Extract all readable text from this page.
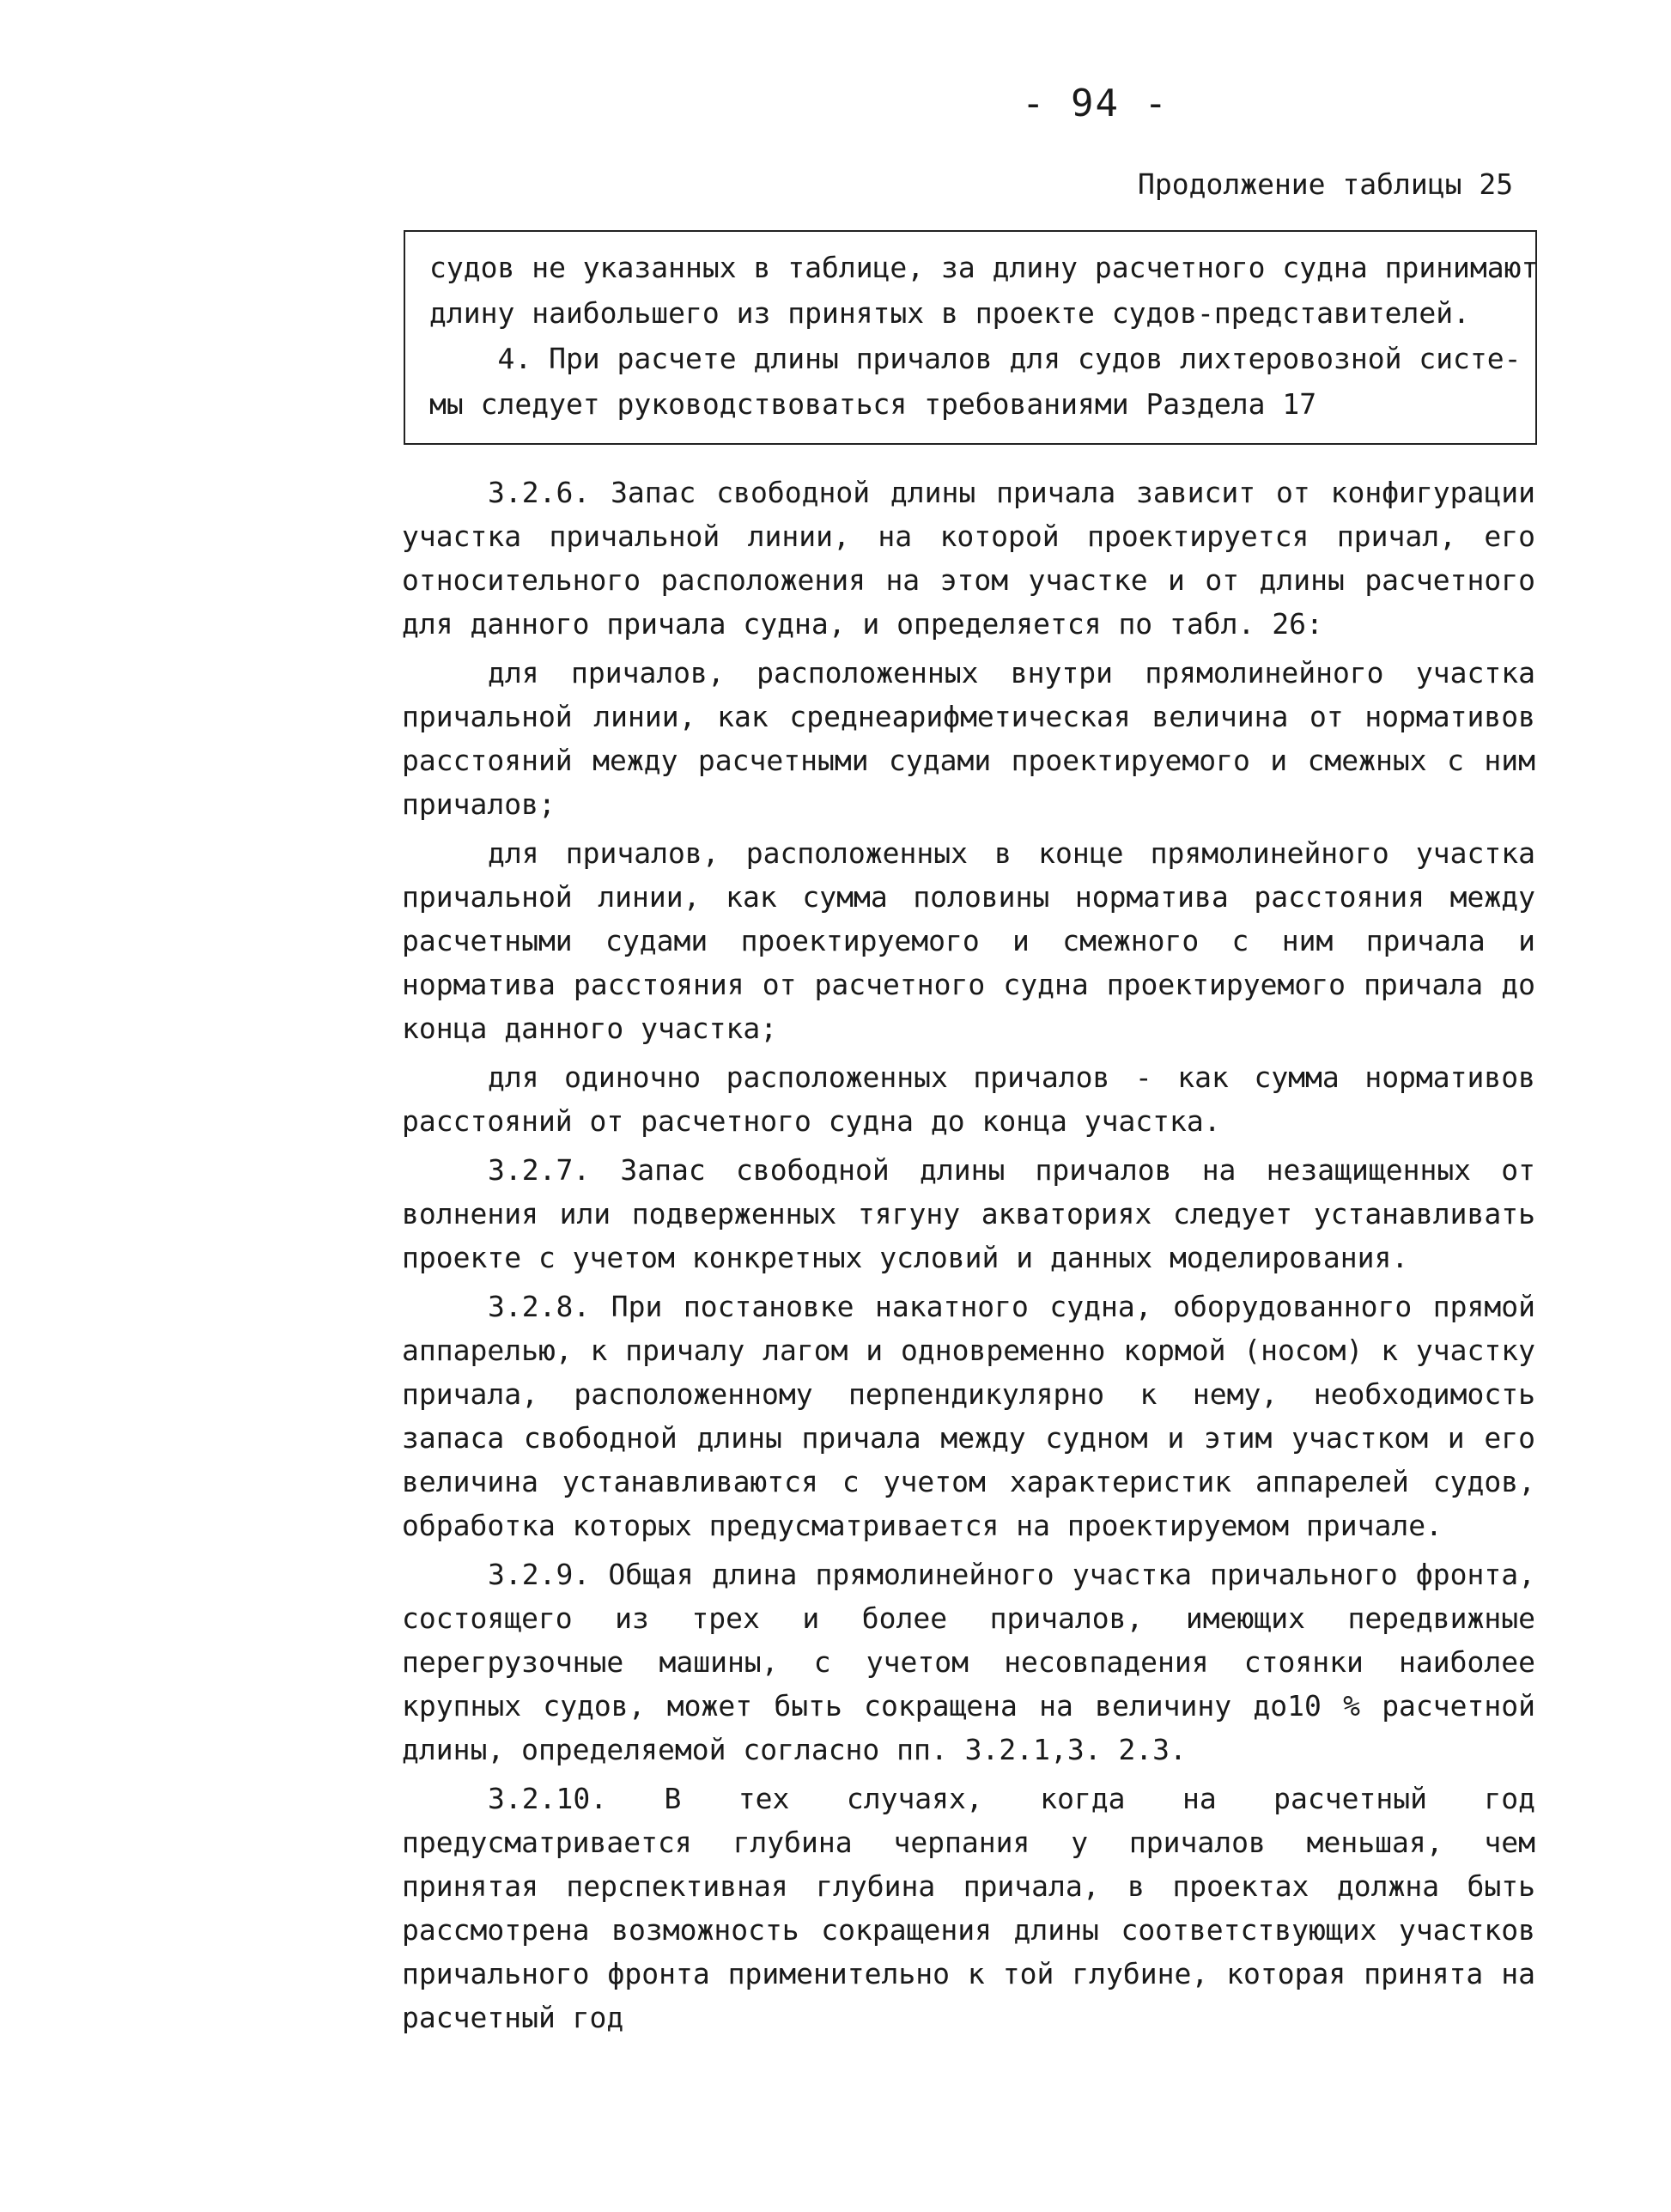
- 94 -
Продолжение таблицы 25
судов не указанных в таблице, за длину расчетного судна принимают
длину наибольшего из принятых в проекте судов-представителей.
4. При расчете длины причалов для судов лихтеровозной систе-
мы следует руководствоваться требованиями Раздела 17

3.2.6. Запас свободной длины причала зависит от конфигурации участка причальной линии, на которой проектируется причал, его относительного расположения на этом участке и от длины расчетного для данного причала судна, и определяется по табл. 26:

для причалов, расположенных внутри прямолинейного участка причальной линии, как среднеарифметическая величина от нормативов расстояний между расчетными судами проектируемого и смежных с ним причалов;

для причалов, расположенных в конце прямолинейного участка причальной линии, как сумма половины норматива расстояния между расчетными судами проектируемого и смежного с ним причала и норматива расстояния от расчетного судна проектируемого причала до конца данного участка;

для одиночно расположенных причалов - как сумма нормативов расстояний от расчетного судна до конца участка.

3.2.7. Запас свободной длины причалов на незащищенных от волнения или подверженных тягуну акваториях следует устанавливать проекте с учетом конкретных условий и данных моделирования.

3.2.8. При постановке накатного судна, оборудованного прямой аппарелью, к причалу лагом и одновременно кормой (носом) к участку причала, расположенному перпендикулярно к нему, необходимость запаса свободной длины причала между судном и этим участком и его величина устанавливаются с учетом характеристик аппарелей судов, обработка которых предусматривается на проектируемом причале.

3.2.9. Общая длина прямолинейного участка причального фронта, состоящего из трех и более причалов, имеющих передвижные перегрузочные машины, с учетом несовпадения стоянки наиболее крупных судов, может быть сокращена на величину до10 % расчетной длины, определяемой согласно пп. 3.2.1,3. 2.3.

3.2.10. В тех случаях, когда на расчетный год предусматривается глубина черпания у причалов меньшая, чем принятая перспективная глубина причала, в проектах должна быть рассмотрена возможность сокращения длины соответствующих участков причального фронта применительно к той глубине, которая принята на расчетный год
